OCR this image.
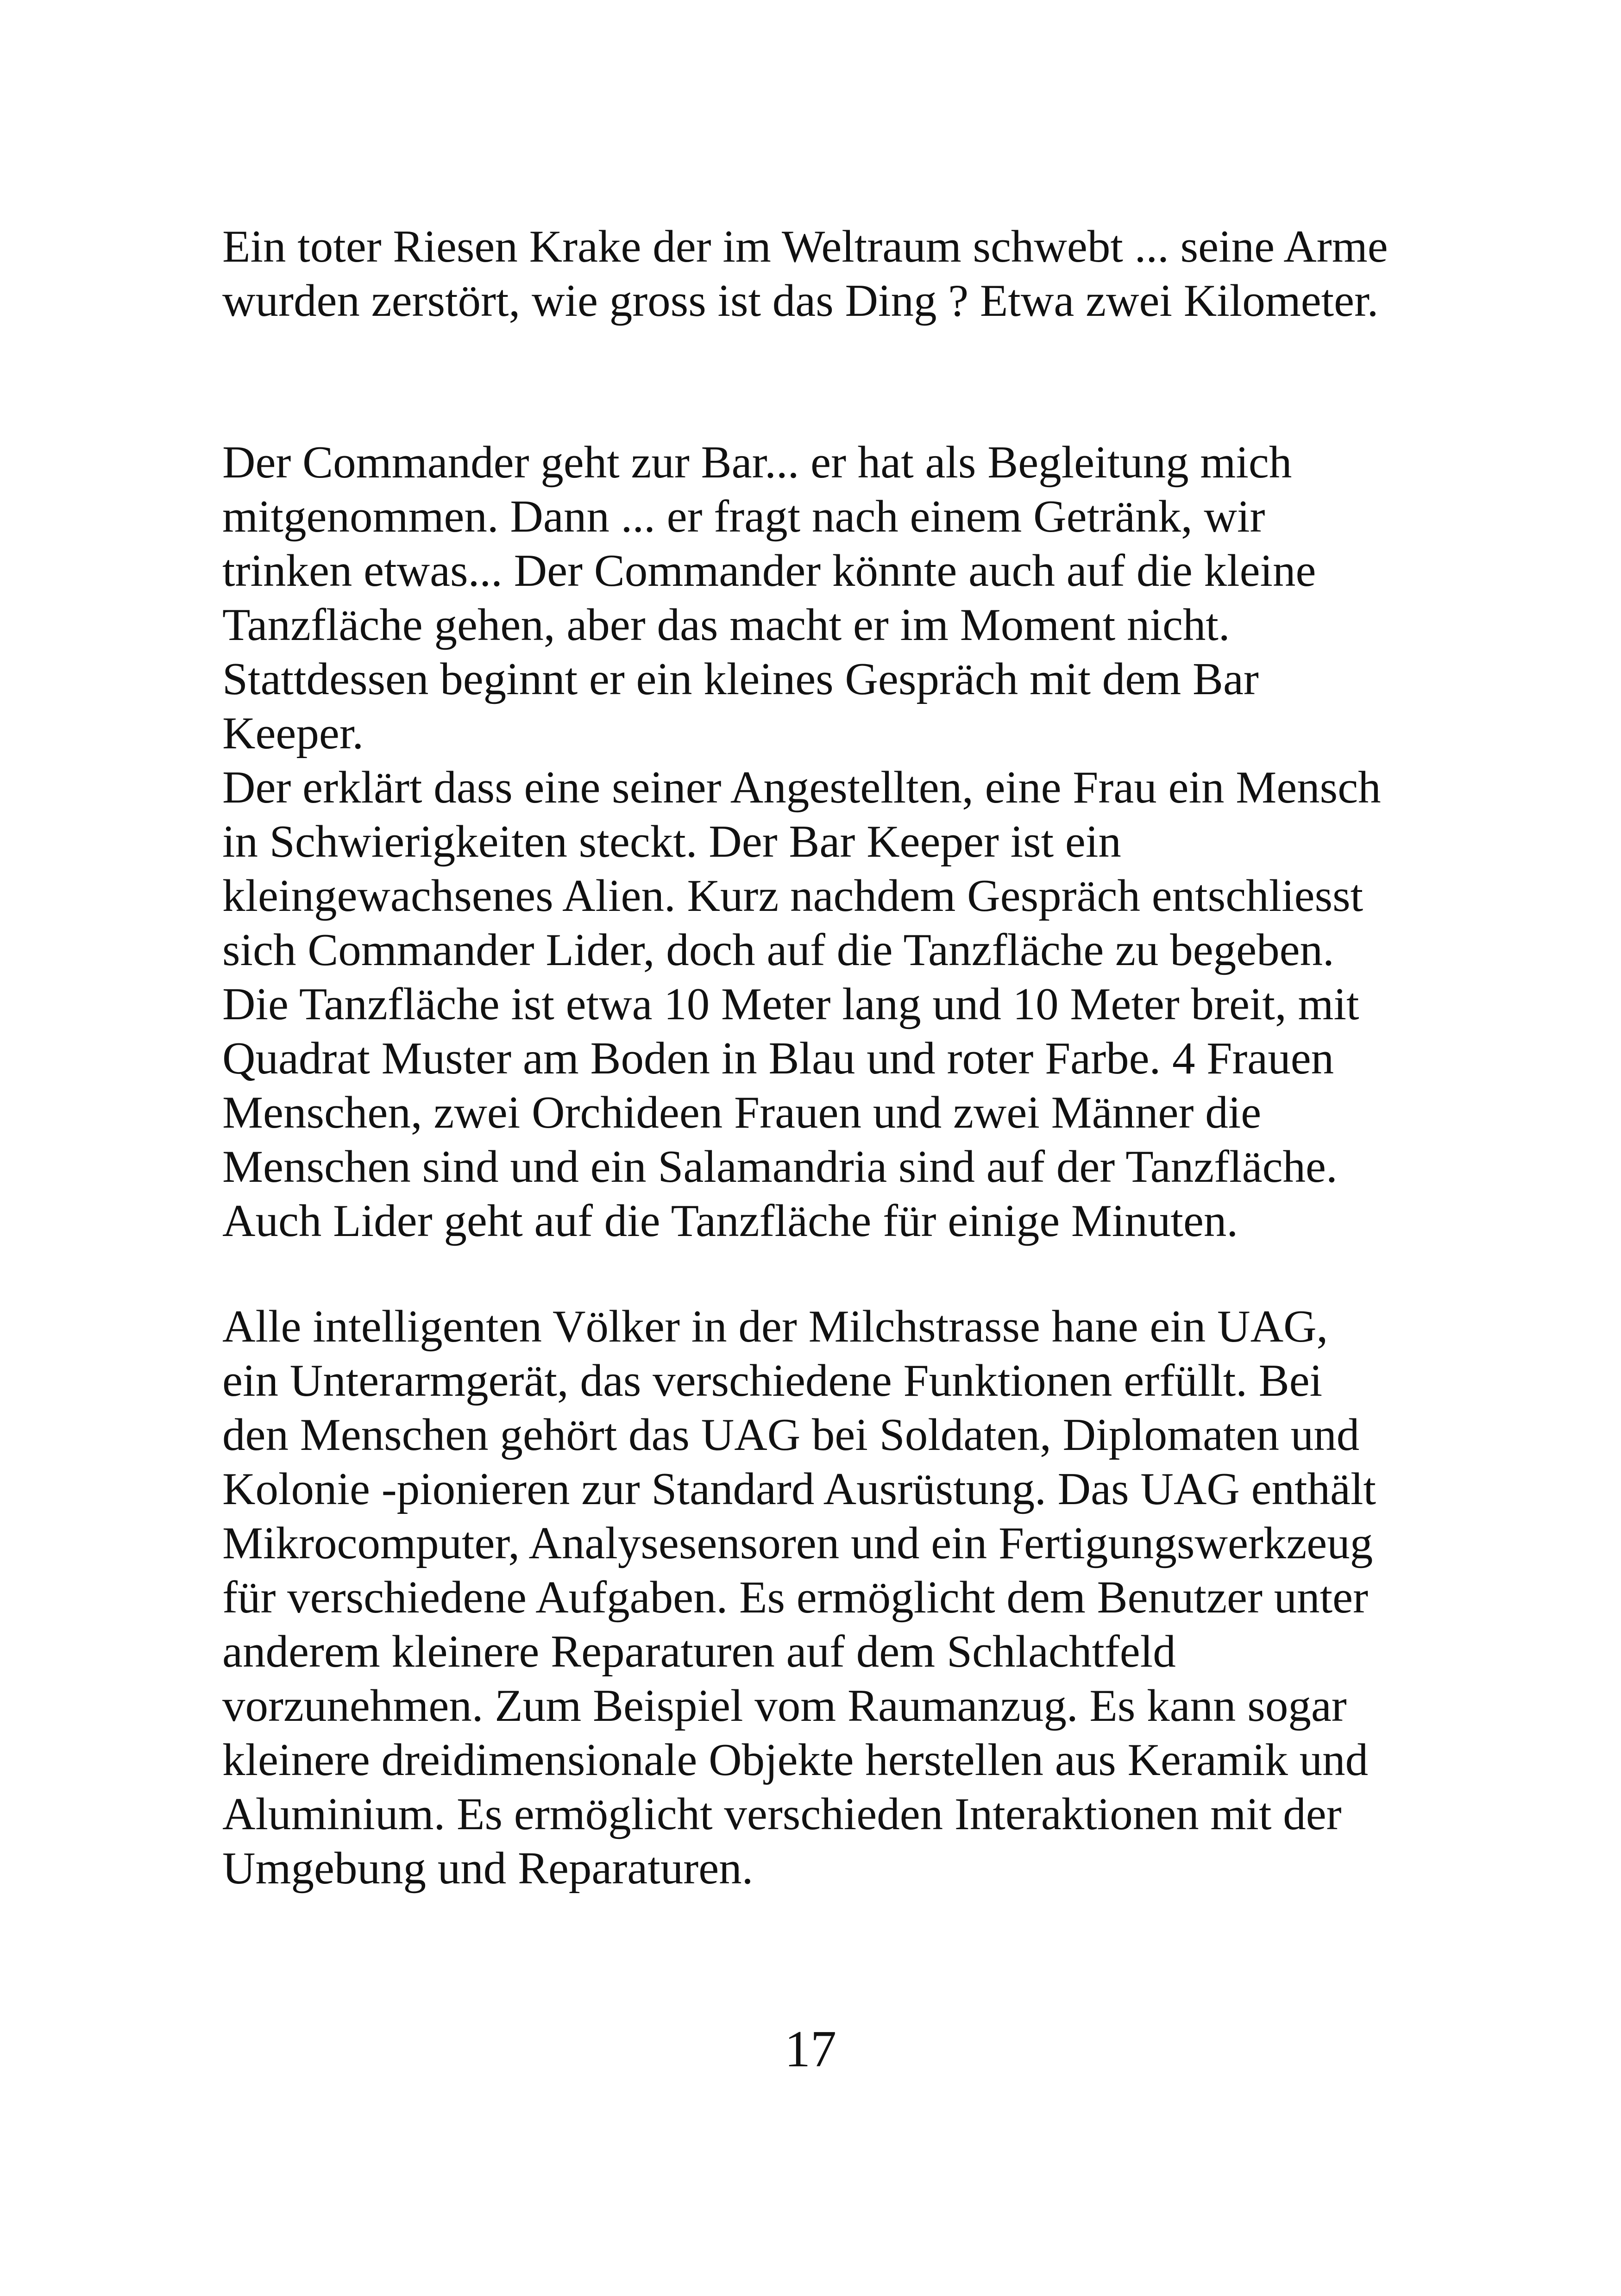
Ein toter Riesen Krake der im Weltraum schwebt ... seine Arme
wurden zerstört, wie gross ist das Ding ? Etwa zwei Kilometer.

Der Commander geht zur Bar... er hat als Begleitung mich
mitgenommen. Dann ... er fragt nach einem Getränk, wir
trinken etwas... Der Commander könnte auch auf die kleine
Tanzfläche gehen, aber das macht er im Moment nicht.
Stattdessen beginnt er ein kleines Gespräch mit dem Bar
Keeper.
Der erklärt dass eine seiner Angestellten, eine Frau ein Mensch
in Schwierigkeiten steckt. Der Bar Keeper ist ein
kleingewachsenes Alien. Kurz nachdem Gespräch entschliesst
sich Commander Lider, doch auf die Tanzfläche zu begeben.
Die Tanzfläche ist etwa 10 Meter lang und 10 Meter breit, mit
Quadrat Muster am Boden in Blau und roter Farbe. 4 Frauen
Menschen, zwei Orchideen Frauen und zwei Männer die
Menschen sind und ein Salamandria sind auf der Tanzfläche.
Auch Lider geht auf die Tanzfläche für einige Minuten.

Alle intelligenten Völker in der Milchstrasse hane ein UAG,
ein Unterarmgerät, das verschiedene Funktionen erfüllt. Bei
den Menschen gehört das UAG bei Soldaten, Diplomaten und
Kolonie -pionieren zur Standard Ausrüstung. Das UAG enthält
Mikrocomputer, Analysesensoren und ein Fertigungswerkzeug
für verschiedene Aufgaben. Es ermöglicht dem Benutzer unter
anderem kleinere Reparaturen auf dem Schlachtfeld
vorzunehmen. Zum Beispiel vom Raumanzug. Es kann sogar
kleinere dreidimensionale Objekte herstellen aus Keramik und
Aluminium. Es ermöglicht verschieden Interaktionen mit der
Umgebung und Reparaturen.

17
